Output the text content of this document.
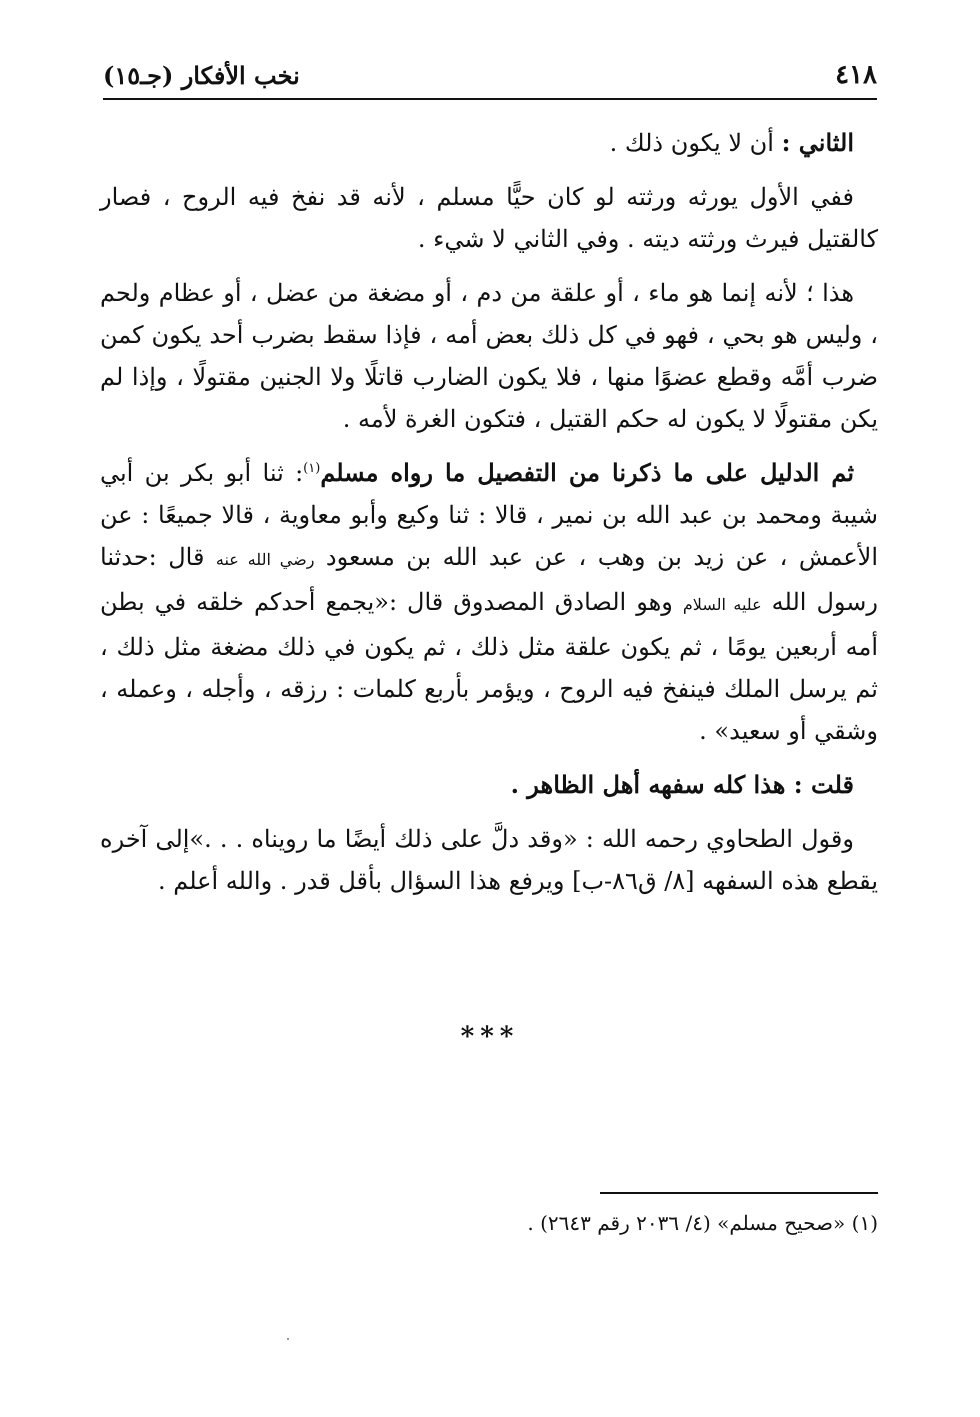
٤١٨
نخب الأفكار (جـ١٥)

الثاني : أن لا يكون ذلك .

ففي الأول يورثه ورثته لو كان حيًّا مسلم ، لأنه قد نفخ فيه الروح ، فصار كالقتيل فيرث ورثته ديته . وفي الثاني لا شيء .

هذا ؛ لأنه إنما هو ماء ، أو علقة من دم ، أو مضغة من عضل ، أو عظام ولحم ، وليس هو بحي ، فهو في كل ذلك بعض أمه ، فإذا سقط بضرب أحد يكون كمن ضرب أمَّه وقطع عضوًا منها ، فلا يكون الضارب قاتلًا ولا الجنين مقتولًا ، وإذا لم يكن مقتولًا لا يكون له حكم القتيل ، فتكون الغرة لأمه .

ثم الدليل على ما ذكرنا من التفصيل ما رواه مسلم$^{(١)}$: ثنا أبو بكر بن أبي شيبة ومحمد بن عبد الله بن نمير ، قالا : ثنا وكيع وأبو معاوية ، قالا جميعًا : عن الأعمش ، عن زيد بن وهب ، عن عبد الله بن مسعود رضي الله عنه قال :حدثنا رسول الله عليه السلام وهو الصادق المصدوق قال :«يجمع أحدكم خلقه في بطن أمه أربعين يومًا ، ثم يكون علقة مثل ذلك ، ثم يكون في ذلك مضغة مثل ذلك ، ثم يرسل الملك فينفخ فيه الروح ، ويؤمر بأربع كلمات : رزقه ، وأجله ، وعمله ، وشقي أو سعيد» .

قلت : هذا كله سفهه أهل الظاهر .

وقول الطحاوي رحمه الله : «وقد دلَّ على ذلك أيضًا ما رويناه . . .»إلى آخره يقطع هذه السفهه [٨/ ق٨٦-ب] ويرفع هذا السؤال بأقل قدر . والله أعلم .

***
(١) «صحيح مسلم» (٤/ ٢٠٣٦ رقم ٢٦٤٣) .
